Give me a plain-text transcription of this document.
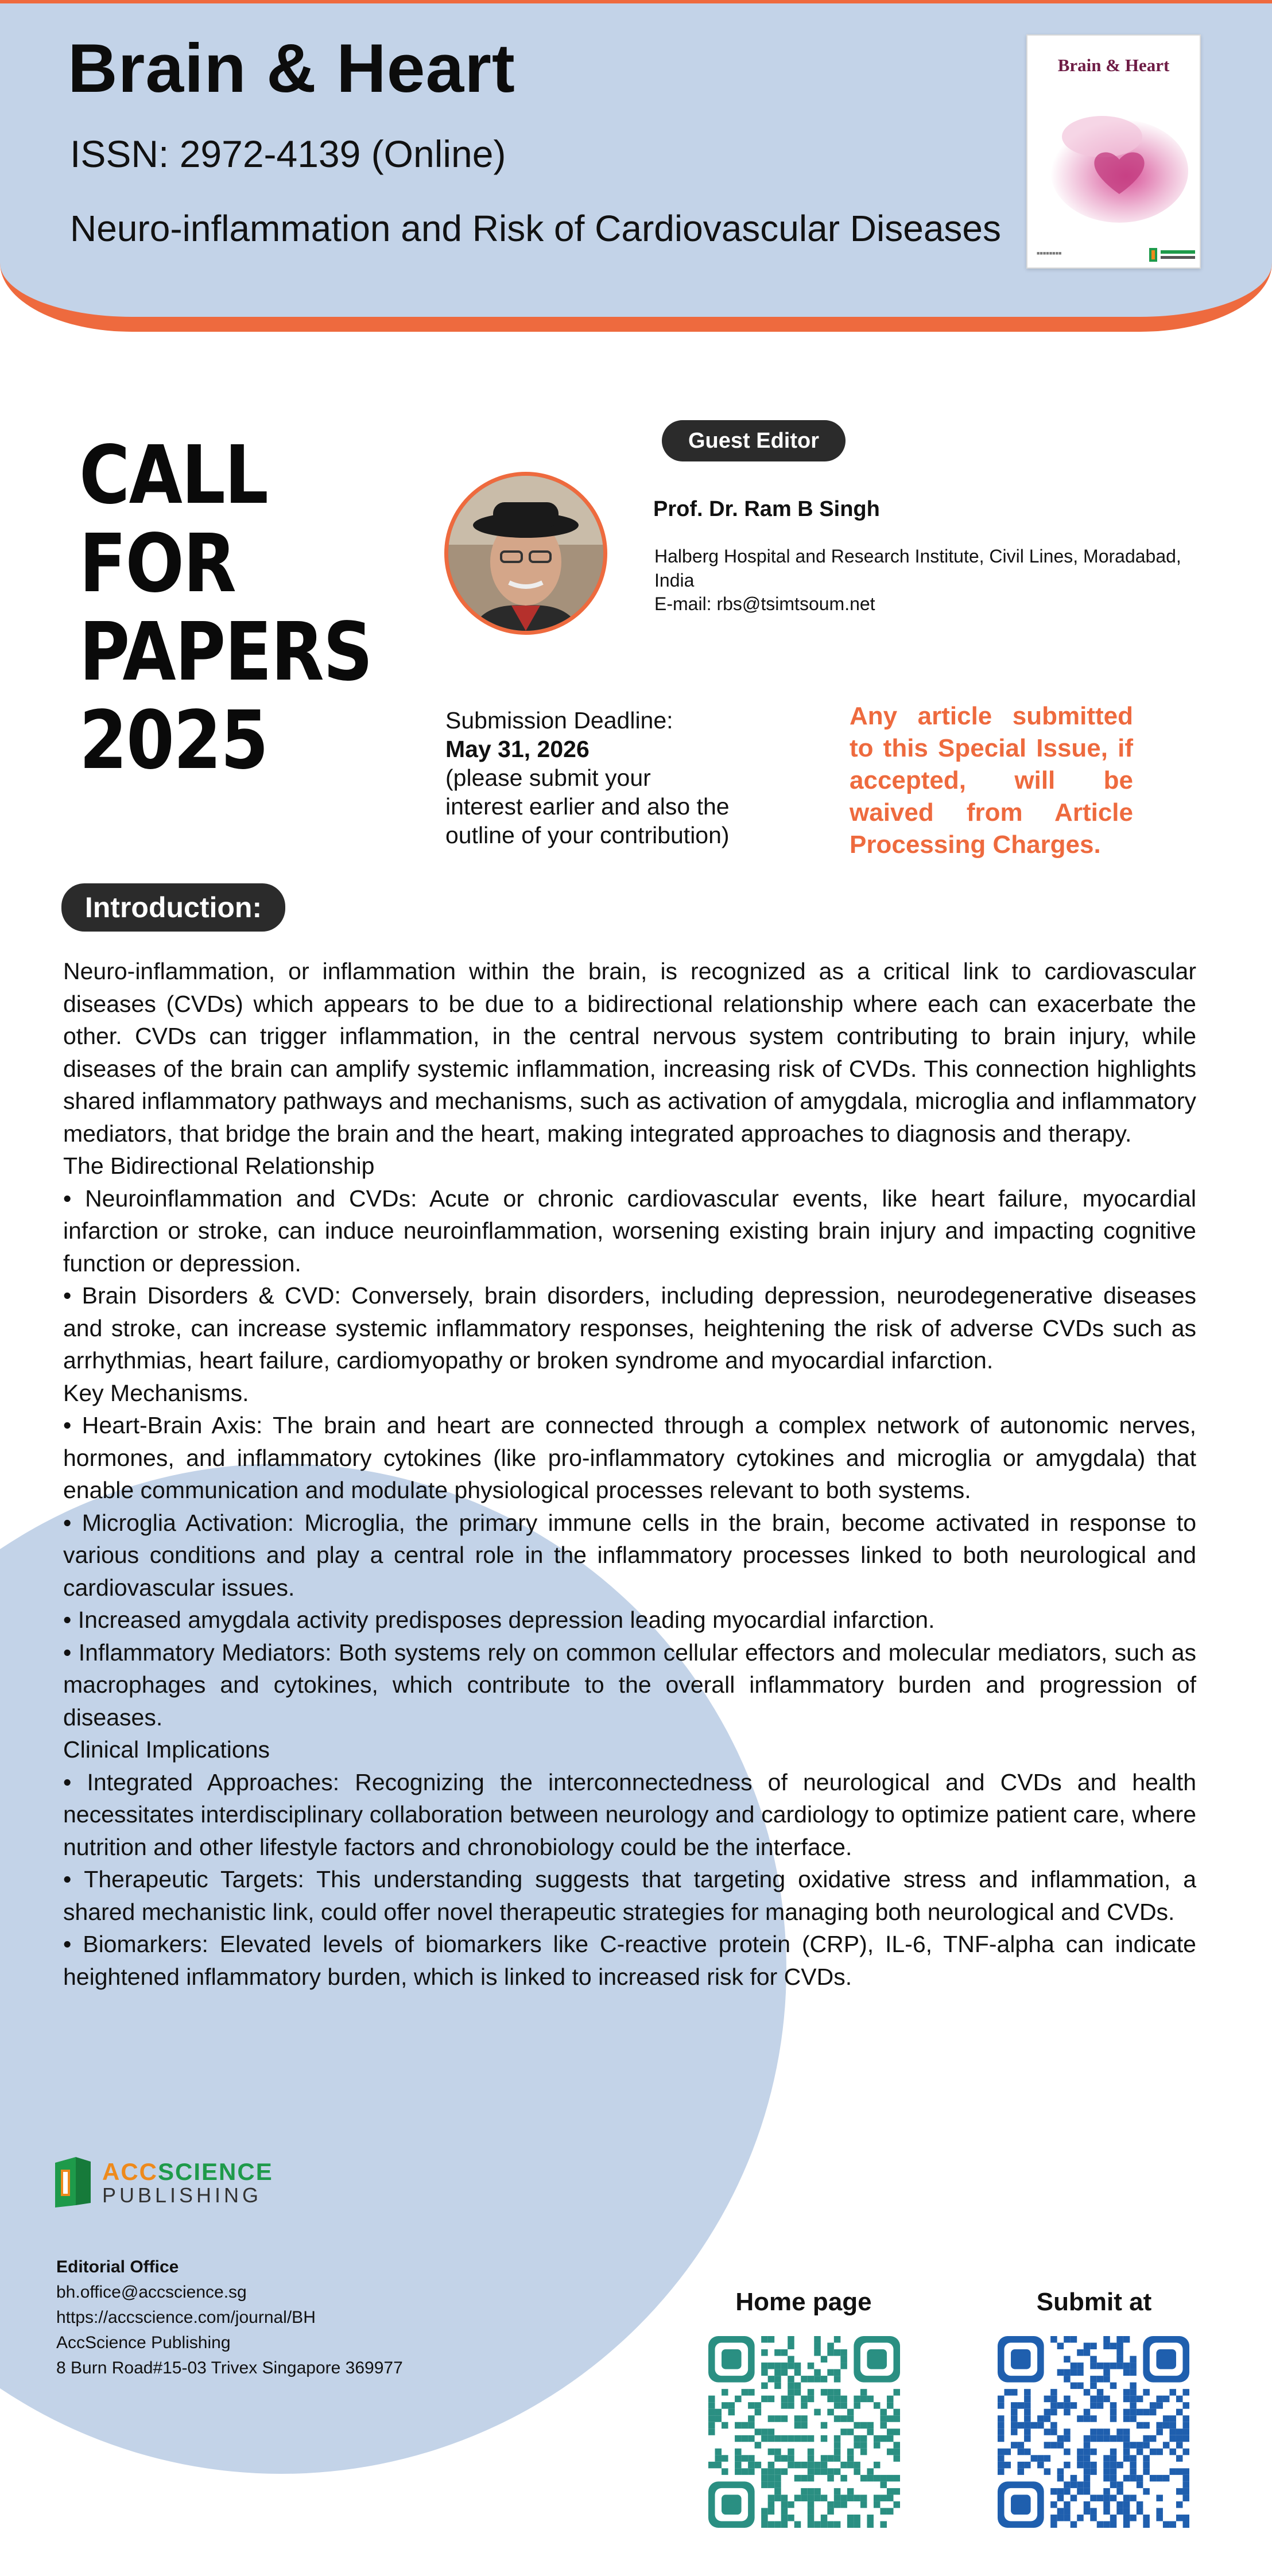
Brain & Heart
ISSN: 2972-4139 (Online)
Neuro-inflammation and Risk of Cardiovascular Diseases
Brain & Heart
■■■■■■■■
CALL
FOR
PAPERS
2025
Guest Editor
Prof. Dr. Ram B Singh
Halberg Hospital and Research Institute, Civil Lines, Moradabad, India
E-mail: rbs@tsimtsoum.net
Submission Deadline:
May 31, 2026
(please submit your interest earlier and also the outline of your contribution)
Any article submitted to this Special Issue, if accepted, will be waived from Article Processing Charges.
Introduction:

Neuro-inflammation, or inflammation within the brain, is recognized as a critical link to cardiovascular diseases (CVDs) which appears to be due to a bidirectional relationship where each can exacerbate the other. CVDs can trigger inflammation, in the central nervous system contributing to brain injury, while diseases of the brain can amplify systemic inflammation, increasing risk of CVDs. This connection highlights shared inflammatory pathways and mechanisms, such as activation of amygdala, microglia and inflammatory mediators, that bridge the brain and the heart, making integrated approaches to diagnosis and therapy.

The Bidirectional Relationship

• Neuroinflammation and CVDs: Acute or chronic cardiovascular events, like heart failure, myocardial infarction or stroke, can induce neuroinflammation, worsening existing brain injury and impacting cognitive function or depression.

• Brain Disorders & CVD: Conversely, brain disorders, including depression, neurodegenerative diseases and stroke, can increase systemic inflammatory responses, heightening the risk of adverse CVDs such as arrhythmias, heart failure, cardiomyopathy or broken syndrome and myocardial infarction.

Key Mechanisms.

• Heart-Brain Axis: The brain and heart are connected through a complex network of autonomic nerves, hormones, and inflammatory cytokines (like pro-inflammatory cytokines and microglia or amygdala) that enable communication and modulate physiological processes relevant to both systems.

• Microglia Activation: Microglia, the primary immune cells in the brain, become activated in response to various conditions and play a central role in the inflammatory processes linked to both neurological and cardiovascular issues.

• Increased amygdala activity predisposes depression leading myocardial infarction.

• Inflammatory Mediators: Both systems rely on common cellular effectors and molecular mediators, such as macrophages and cytokines, which contribute to the overall inflammatory burden and progression of diseases.

Clinical Implications

• Integrated Approaches: Recognizing the interconnectedness of neurological and CVDs and health necessitates interdisciplinary collaboration between neurology and cardiology to optimize patient care, where nutrition and other lifestyle factors and chronobiology could be the interface.

• Therapeutic Targets: This understanding suggests that targeting oxidative stress and inflammation, a shared mechanistic link, could offer novel therapeutic strategies for managing both neurological and CVDs.

• Biomarkers: Elevated levels of biomarkers like C-reactive protein (CRP), IL-6, TNF-alpha can indicate heightened inflammatory burden, which is linked to increased risk for CVDs.

ACCSCIENCE
PUBLISHING
Editorial Office
bh.office@accscience.sg
https://accscience.com/journal/BH
AccScience Publishing
8 Burn Road#15-03 Trivex Singapore 369977
Home page	Submit at
